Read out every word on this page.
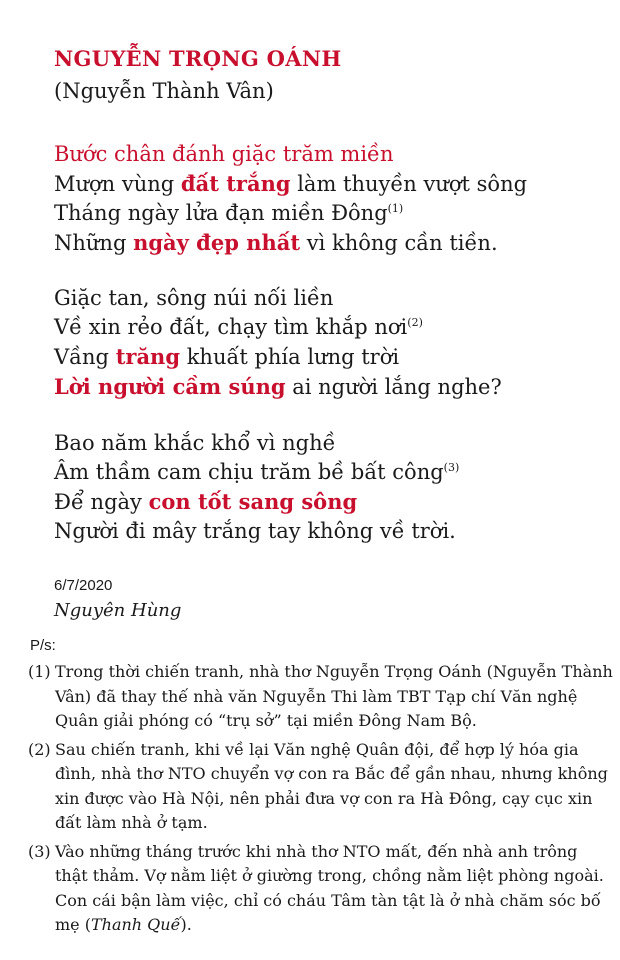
NGUYỄN TRỌNG OÁNH
(Nguyễn Thành Vân)
Bước chân đánh giặc trăm miền
Mượn vùng đất trắng làm thuyền vượt sông
Tháng ngày lửa đạn miền Đông$^{(1)}$
Những ngày đẹp nhất vì không cần tiền.
Giặc tan, sông núi nối liền
Về xin rẻo đất, chạy tìm khắp nơi$^{(2)}$
Vầng trăng khuất phía lưng trời
Lời người cầm súng ai người lắng nghe?
Bao năm khắc khổ vì nghề
Âm thầm cam chịu trăm bề bất công$^{(3)}$
Để ngày con tốt sang sông
Người đi mây trắng tay không về trời.
6/7/2020
Nguyên Hùng
P/s:
(1) Trong thời chiến tranh, nhà thơ Nguyễn Trọng Oánh (Nguyễn Thành

Vân) đã thay thế nhà văn Nguyễn Thi làm TBT Tạp chí Văn nghệ

Quân giải phóng có “trụ sở” tại miền Đông Nam Bộ.

(2) Sau chiến tranh, khi về lại Văn nghệ Quân đội, để hợp lý hóa gia

đình, nhà thơ NTO chuyển vợ con ra Bắc để gần nhau, nhưng không

xin được vào Hà Nội, nên phải đưa vợ con ra Hà Đông, cạy cục xin

đất làm nhà ở tạm.

(3) Vào những tháng trước khi nhà thơ NTO mất, đến nhà anh trông

thật thảm. Vợ nằm liệt ở giường trong, chồng nằm liệt phòng ngoài.

Con cái bận làm việc, chỉ có cháu Tâm tàn tật là ở nhà chăm sóc bố

mẹ (Thanh Quế).
